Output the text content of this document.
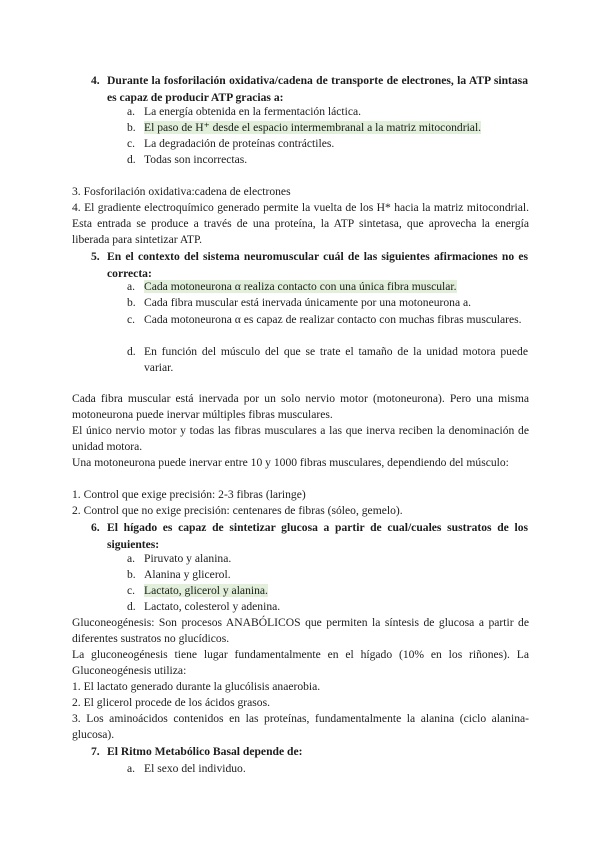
4. Durante la fosforilación oxidativa/cadena de transporte de electrones, la ATP sintasa es capaz de producir ATP gracias a:
a. La energía obtenida en la fermentación láctica.
b. El paso de H⁺ desde el espacio intermembranal a la matriz mitocondrial.
c. La degradación de proteínas contráctiles.
d. Todas son incorrectas.
3. Fosforilación oxidativa:cadena de electrones
4. El gradiente electroquímico generado permite la vuelta de los H* hacia la matriz mitocondrial. Esta entrada se produce a través de una proteína, la ATP sintetasa, que aprovecha la energía liberada para sintetizar ATP.
5. En el contexto del sistema neuromuscular cuál de las siguientes afirmaciones no es correcta:
a. Cada motoneurona α realiza contacto con una única fibra muscular.
b. Cada fibra muscular está inervada únicamente por una motoneurona a.
c. Cada motoneurona α es capaz de realizar contacto con muchas fibras musculares.
d. En función del músculo del que se trate el tamaño de la unidad motora puede variar.
Cada fibra muscular está inervada por un solo nervio motor (motoneurona). Pero una misma motoneurona puede inervar múltiples fibras musculares.
El único nervio motor y todas las fibras musculares a las que inerva reciben la denominación de unidad motora.
Una motoneurona puede inervar entre 10 y 1000 fibras musculares, dependiendo del músculo:
1. Control que exige precisión: 2-3 fibras (laringe)
2. Control que no exige precisión: centenares de fibras (sóleo, gemelo).
6. El hígado es capaz de sintetizar glucosa a partir de cual/cuales sustratos de los siguientes:
a. Piruvato y alanina.
b. Alanina y glicerol.
c. Lactato, glicerol y alanina.
d. Lactato, colesterol y adenina.
Gluconeogénesis: Son procesos ANABÓLICOS que permiten la síntesis de glucosa a partir de diferentes sustratos no glucídicos.
La gluconeogénesis tiene lugar fundamentalmente en el hígado (10% en los riñones). La Gluconeogénesis utiliza:
1. El lactato generado durante la glucólisis anaerobia.
2. El glicerol procede de los ácidos grasos.
3. Los aminoácidos contenidos en las proteínas, fundamentalmente la alanina (ciclo alanina-glucosa).
7. El Ritmo Metabólico Basal depende de:
a. El sexo del individuo.
